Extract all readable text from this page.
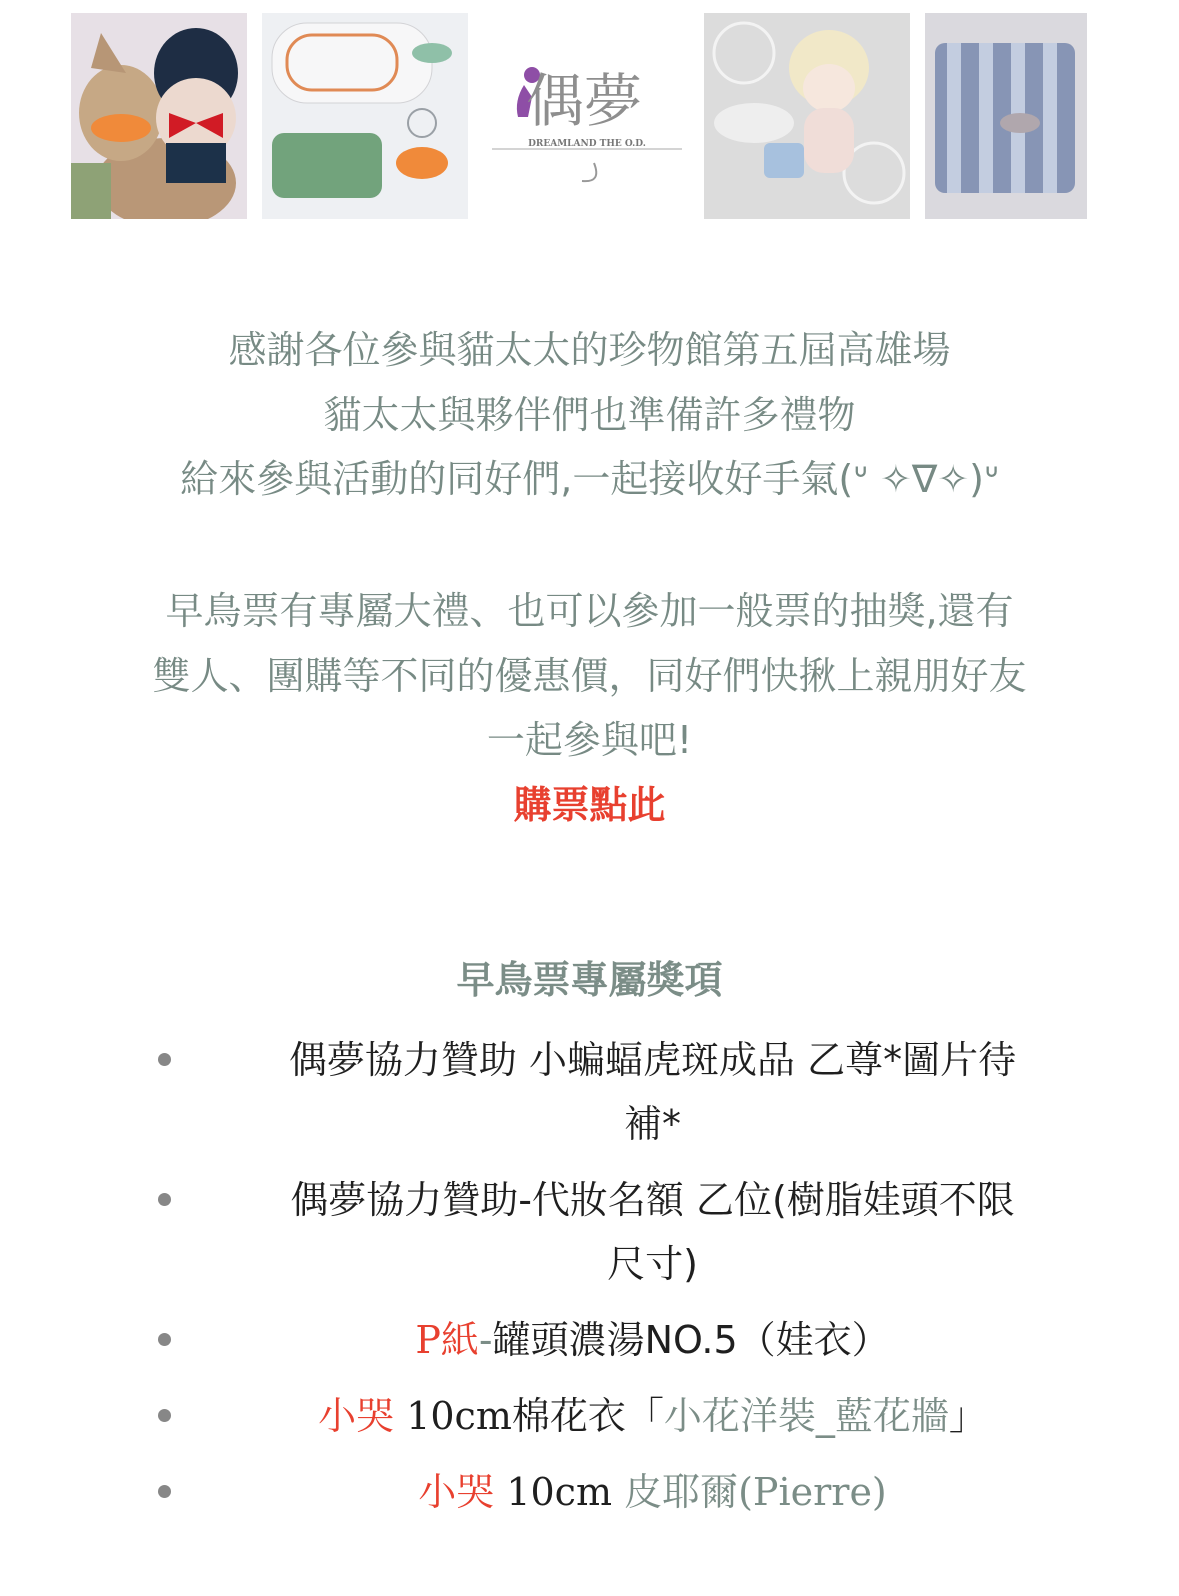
偶夢
DREAMLAND THE O.D.

感謝各位參與貓太太的珍物館第五屆高雄場

貓太太與夥伴們也準備許多禮物

給來參與活動的同好們,一起接收好手氣(ᐡ ✧∇✧)ᐡ

早鳥票有專屬大禮、也可以參加一般票的抽獎,還有

雙人、團購等不同的優惠價，同好們快揪上親朋好友

一起參與吧!

購票點此

早鳥票專屬獎項
偶夢協力贊助 小蝙蝠虎斑成品 乙尊*圖片待
補*
偶夢協力贊助-代妝名額 乙位(樹脂娃頭不限
尺寸)
P紙-罐頭濃湯NO.5（娃衣）
小哭 10cm棉花衣「小花洋裝_藍花牆」
小哭 10cm 皮耶爾(Pierre)
